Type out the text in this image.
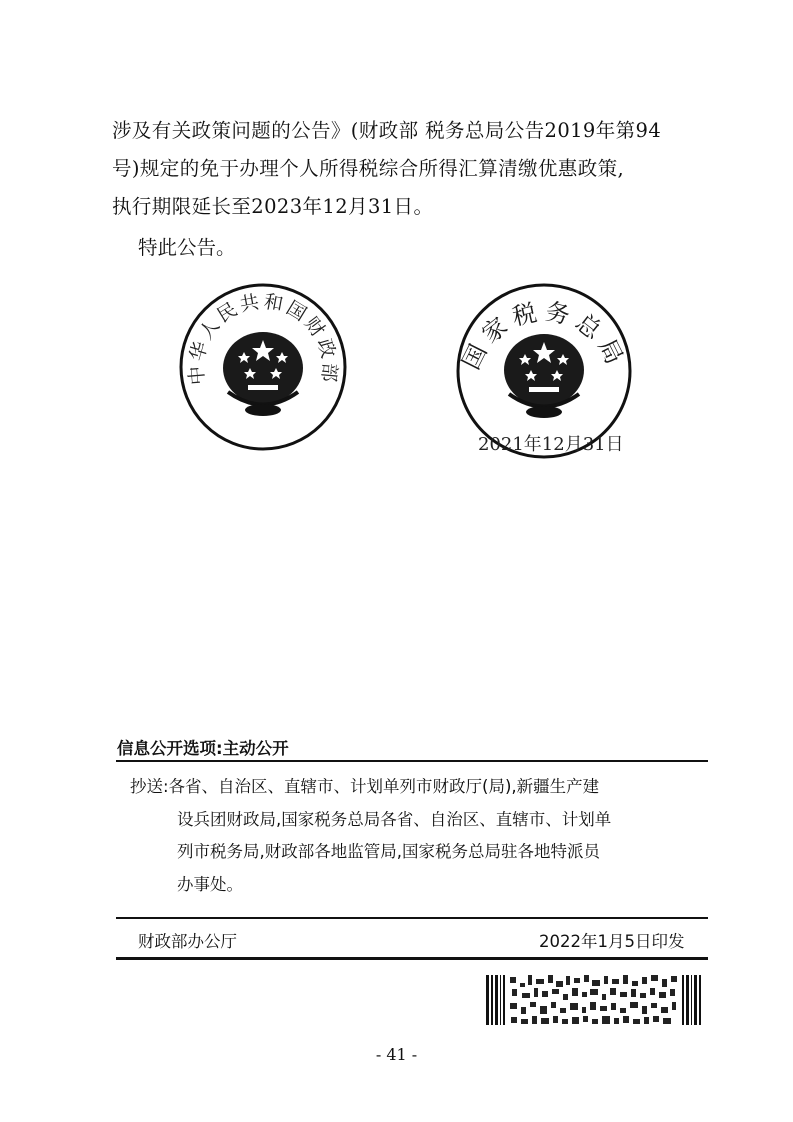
涉及有关政策问题的公告》(财政部 税务总局公告2019年第94
号)规定的免于办理个人所得税综合所得汇算清缴优惠政策,
执行期限延长至2023年12月31日。
特此公告。
中华人民共和国财政部	国家税务总局
2021年12月31日
信息公开选项:主动公开
抄送:各省、自治区、直辖市、计划单列市财政厅(局),新疆生产建
设兵团财政局,国家税务总局各省、自治区、直辖市、计划单
列市税务局,财政部各地监管局,国家税务总局驻各地特派员
办事处。
财政部办公厅	2022年1月5日印发
- 41 -
